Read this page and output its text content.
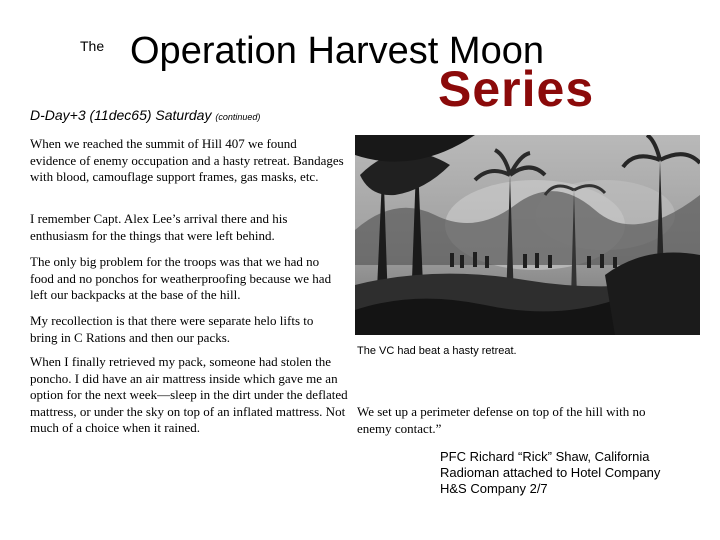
The Operation Harvest Moon
Series
D-Day+3 (11dec65) Saturday (continued)

When we reached the summit of Hill 407 we found evidence of enemy occupation and a hasty retreat. Bandages with blood, camouflage support frames, gas masks, etc.

I remember Capt. Alex Lee’s arrival there and his enthusiasm for the things that were left behind.

The only big problem for the troops was that we had no food and no ponchos for weatherproofing because we had left our backpacks at the base of the hill.

My recollection is that there were separate helo lifts to bring in C Rations and then our packs.

When I finally retrieved my pack, someone had stolen the poncho. I did have an air mattress inside which gave me an option for the next week—sleep in the dirt under the deflated mattress, or under the sky on top of an inflated mattress. Not much of a choice when it rained.

The VC had beat a hasty retreat.

We set up a perimeter defense on top of the hill with no enemy contact.”

PFC Richard “Rick” Shaw, California
Radioman attached to Hotel Company
H&S Company 2/7
